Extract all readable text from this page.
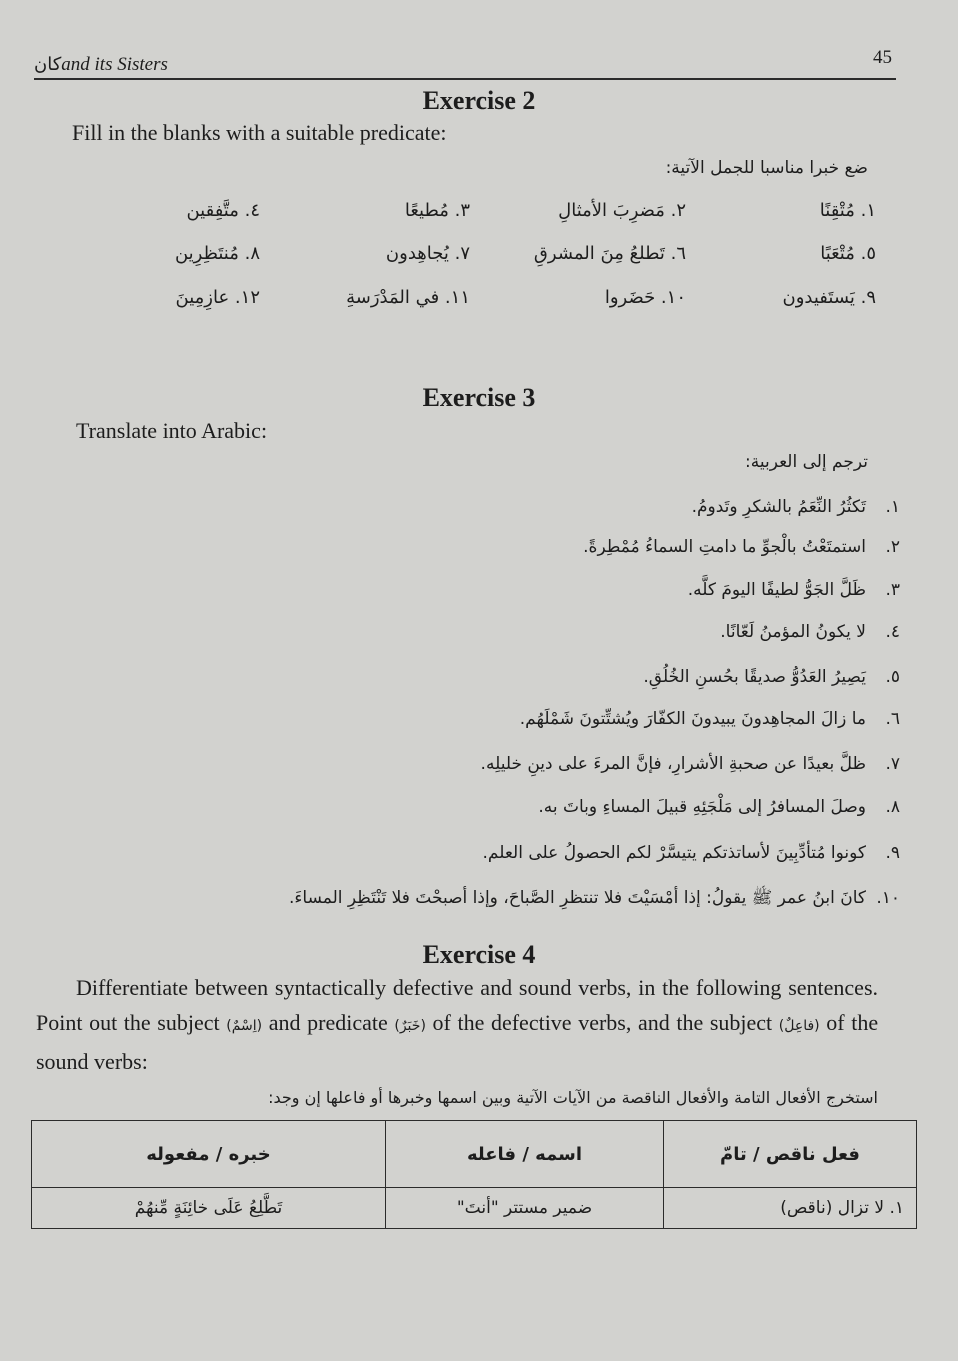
كانand its Sisters	45
Exercise 2

Fill in the blanks with a suitable predicate:

ضع خبرا مناسبا للجمل الآتية:

١. مُتْقِنًا
٢. مَضرِبَ الأمثالِ
٣. مُطيعًا
٤. متَّفِقين
٥. مُتْعَبًا
٦. تَطلعُ مِنَ المشرقِ
٧. يُجاهِدون
٨. مُنتَظِرِين
٩. يَستَفيدون
١٠. حَضَروا
١١. في المَدْرَسةِ
١٢. عازِمِينَ
Exercise 3

Translate into Arabic:

ترجم إلى العربية:

١.تَكثُرُ النِّعَمُ بالشكرِ وتَدومُ.
٢.استمتَعْتُ بالْجوِّ ما دامتِ السماءُ مُمْطِرةً.
٣.ظَلَّ الجَوُّ لطيفًا اليومَ كلَّه.
٤.لا يكونُ المؤمنُ لَعّانًا.
٥.يَصِيرُ العَدُوُّ صديقًا بحُسنِ الخُلُقِ.
٦.ما زالَ المجاهِدونَ يبيدونَ الكفّارَ ويُشتِّتونَ شَمْلَهُم.
٧.ظلَّ بعيدًا عن صحبةِ الأشرارِ، فإنَّ المرءَ على دينِ خليلِه.
٨.وصلَ المسافرُ إلى مَلْجَئِهِ قبيلَ المساءِ وباتَ به.
٩.كونوا مُتأدِّبِينَ لأساتذتكم يتيسَّرْ لكم الحصولُ على العلم.
١٠.كانَ ابنُ عمر ﷺ يقولُ: إذا أمْسَيْتَ فلا تنتظرِ الصَّباحَ، وإذا أصبحْتَ فلا تَنْتَظِرِ المساءَ.
Exercise 4

Differentiate between syntactically defective and sound verbs, in the following sentences. Point out the subject (اِسْمٌ) and predicate (خَبَرٌ) of the defective verbs, and the subject (فاعِلٌ) of the sound verbs:

استخرج الأفعال التامة والأفعال الناقصة من الآيات الآتية وبين اسمها وخبرها أو فاعلها إن وجد:

فعل ناقص / تامّ	اسمه / فاعله	خبره / مفعوله
١. لا تزال (ناقص)	ضمير مستتر "أنتَ"	تَطَّلِعُ عَلَى خائِنَةٍ مِّنهُمْ
